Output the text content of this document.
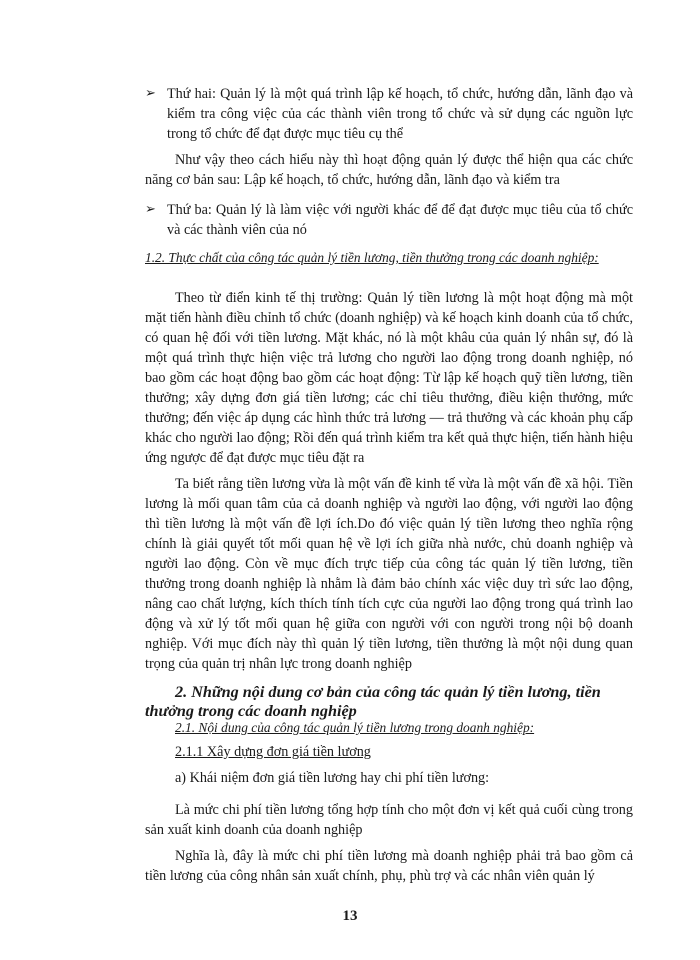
➢ Thứ hai: Quản lý là một quá trình lập kế hoạch, tổ chức, hướng dẫn, lãnh đạo và kiểm tra công việc của các thành viên trong tổ chức và sử dụng các nguồn lực trong tổ chức để đạt được mục tiêu cụ thể

Như vậy theo cách hiểu này thì hoạt động quản lý được thể hiện qua các chức năng cơ bản sau: Lập kế hoạch, tổ chức, hướng dẫn, lãnh đạo và kiểm tra

➢ Thứ ba: Quản lý là làm việc với người khác để để đạt được mục tiêu của tổ chức và các thành viên của nó

1.2. Thực chất của công tác quản lý tiền lương, tiền thưởng trong các doanh nghiệp:

Theo từ điển kinh tế thị trường: Quản lý tiền lương là một hoạt động mà một mặt tiến hành điều chỉnh tổ chức (doanh nghiệp) và kế hoạch kinh doanh của tổ chức, có quan hệ đối với tiền lương. Mặt khác, nó là một khâu của quản lý nhân sự, đó là một quá trình thực hiện việc trả lương cho người lao động trong doanh nghiệp, nó bao gồm các hoạt động bao gồm các hoạt động: Từ lập kế hoạch quỹ tiền lương, tiền thưởng; xây dựng đơn giá tiền lương; các chỉ tiêu thưởng, điều kiện thưởng, mức thưởng; đến việc áp dụng các hình thức trả lương — trả thưởng và các khoản phụ cấp khác cho người lao động; Rồi đến quá trình kiểm tra kết quả thực hiện, tiến hành hiệu ứng ngược để đạt được mục tiêu đặt ra

Ta biết rằng tiền lương vừa là một vấn đề kinh tế vừa là một vấn đề xã hội. Tiền lương là mối quan tâm của cả doanh nghiệp và người lao động, với người lao động thì tiền lương là một vấn đề lợi ích.Do đó việc quản lý tiền lương theo nghĩa rộng chính là giải quyết tốt mối quan hệ về lợi ích giữa nhà nước, chủ doanh nghiệp và người lao động. Còn về mục đích trực tiếp của công tác quản lý tiền lương, tiền thưởng trong doanh nghiệp là nhằm là đảm bảo chính xác việc duy trì sức lao động, nâng cao chất lượng, kích thích tính tích cực của người lao động trong quá trình lao động và xử lý tốt mối quan hệ giữa con người với con người trong nội bộ doanh nghiệp. Với mục đích này thì quản lý tiền lương, tiền thưởng là một nội dung quan trọng của quản trị nhân lực trong doanh nghiệp

2. Những nội dung cơ bản của công tác quản lý tiền lương, tiền thưởng trong các doanh nghiệp

2.1. Nội dung của công tác quản lý tiền lương trong doanh nghiệp:

2.1.1 Xây dựng đơn giá tiền lương

a) Khái niệm đơn giá tiền lương hay chi phí tiền lương:

Là mức chi phí tiền lương tổng hợp tính cho một đơn vị kết quả cuối cùng trong sản xuất kinh doanh của doanh nghiệp

Nghĩa là, đây là mức chi phí tiền lương mà doanh nghiệp phải trả bao gồm cả tiền lương của công nhân sản xuất chính, phụ, phù trợ và các nhân viên quản lý

13
